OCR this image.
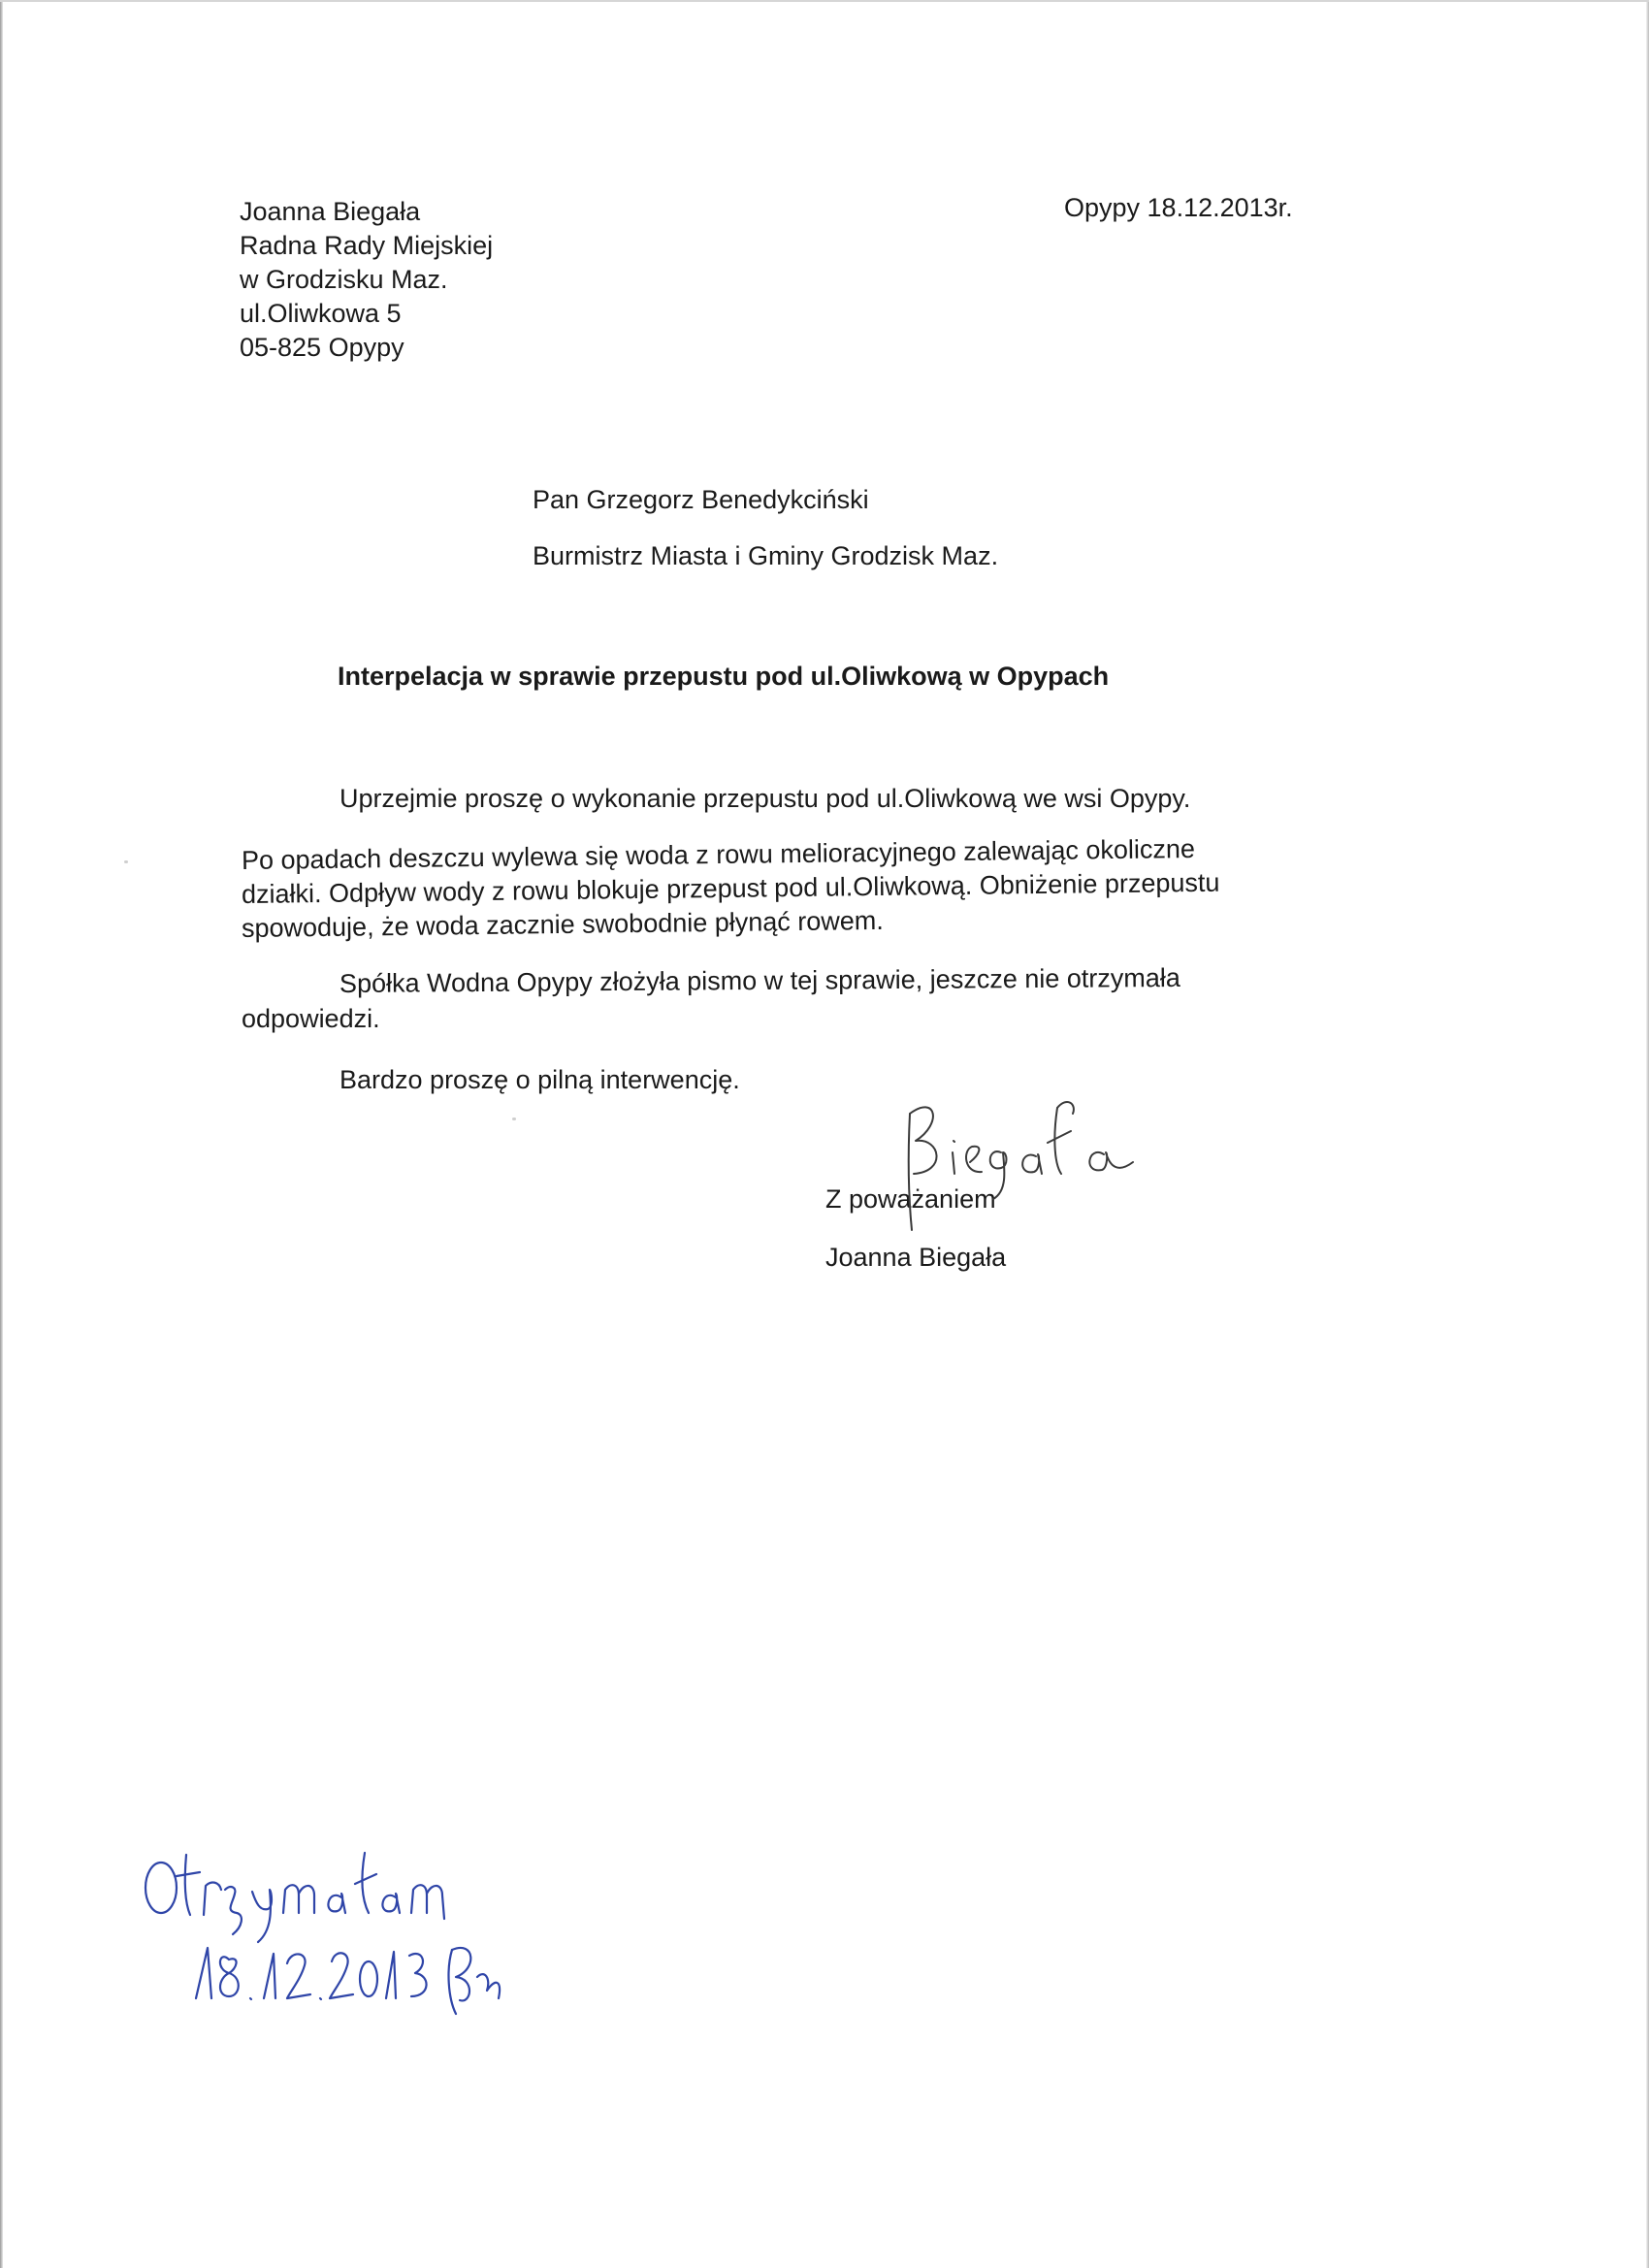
Joanna Biegała
Radna Rady Miejskiej
w Grodzisku Maz.
ul.Oliwkowa 5
05-825 Opypy
Opypy 18.12.2013r.
Pan Grzegorz Benedykciński
Burmistrz Miasta i Gminy Grodzisk Maz.
Interpelacja w sprawie przepustu pod ul.Oliwkową w Opypach
Uprzejmie proszę o wykonanie przepustu pod ul.Oliwkową we wsi Opypy.
Po opadach deszczu wylewa się woda z rowu melioracyjnego zalewając okoliczne
działki. Odpływ wody z rowu blokuje przepust pod ul.Oliwkową. Obniżenie przepustu
spowoduje, że woda zacznie swobodnie płynąć rowem.
Spółka Wodna Opypy złożyła pismo w tej sprawie, jeszcze nie otrzymała
odpowiedzi.
Bardzo proszę o pilną interwencję.
Z poważaniem
Joanna Biegała
